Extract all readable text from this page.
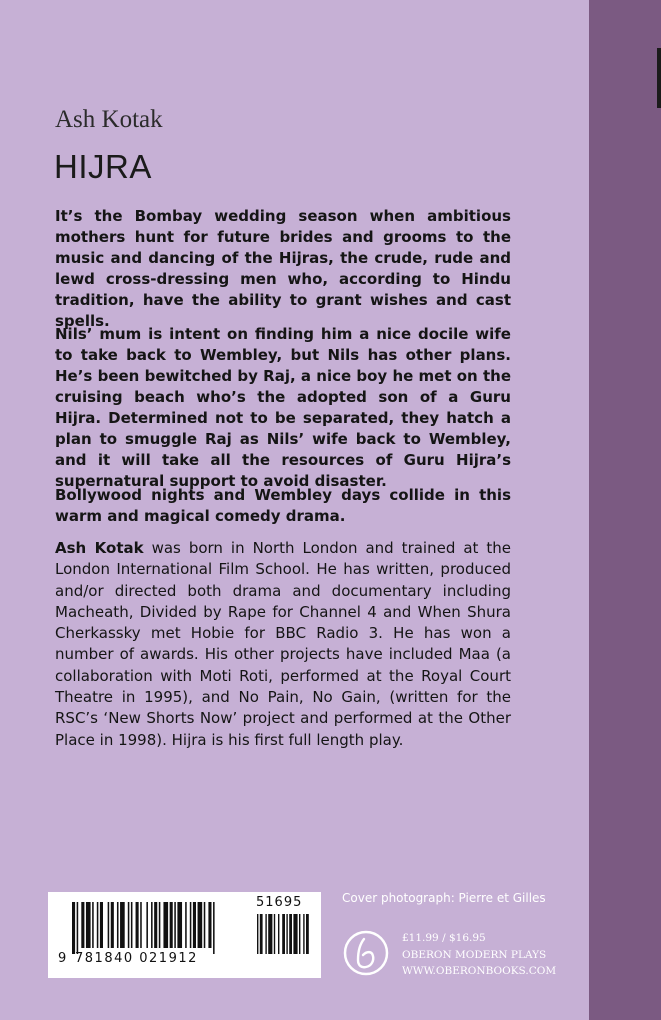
Ash Kotak
HIJRA

It’s the Bombay wedding season when ambitious mothers hunt for future brides and grooms to the music and dancing of the Hijras, the crude, rude and lewd cross-dressing men who, according to Hindu tradition, have the ability to grant wishes and cast spells.

Nils’ mum is intent on finding him a nice docile wife to take back to Wembley, but Nils has other plans. He’s been bewitched by Raj, a nice boy he met on the cruising beach who’s the adopted son of a Guru Hijra. Determined not to be separated, they hatch a plan to smuggle Raj as Nils’ wife back to Wembley, and it will take all the resources of Guru Hijra’s supernatural support to avoid disaster.

Bollywood nights and Wembley days collide in this warm and magical comedy drama.

Ash Kotak was born in North London and trained at the London International Film School. He has written, produced and/or directed both drama and documentary including Macheath, Divided by Rape for Channel 4 and When Shura Cherkassky met Hobie for BBC Radio 3. He has won a number of awards. His other projects have included Maa (a collaboration with Moti Roti, performed at the Royal Court Theatre in 1995), and No Pain, No Gain, (written for the RSC’s ‘New Shorts Now’ project and performed at the Other Place in 1998). Hijra is his first full length play.

9 781840 021912
51695	Cover photograph: Pierre et Gilles
£11.99 / $16.95
OBERON MODERN PLAYS
WWW.OBERONBOOKS.COM
